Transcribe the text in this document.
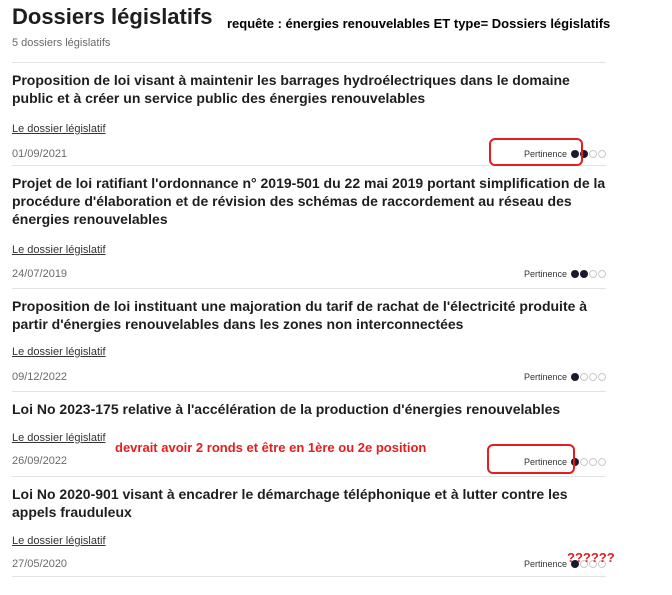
Dossiers législatifs requête : énergies renouvelables ET type= Dossiers législatifs
5 dossiers législatifs

Proposition de loi visant à maintenir les barrages hydroélectriques dans le domaine public et à créer un service public des énergies renouvelables

Le dossier législatif
01/09/2021	Pertinence

Projet de loi ratifiant l'ordonnance n° 2019-501 du 22 mai 2019 portant simplification de la procédure d'élaboration et de révision des schémas de raccordement au réseau des énergies renouvelables

Le dossier législatif
24/07/2019	Pertinence

Proposition de loi instituant une majoration du tarif de rachat de l'électricité produite à partir d'énergies renouvelables dans les zones non interconnectées

Le dossier législatif
09/12/2022	Pertinence

Loi No 2023-175 relative à l'accélération de la production d'énergies renouvelables

Le dossier législatif
26/09/2022	Pertinence

Loi No 2020-901 visant à encadrer le démarchage téléphonique et à lutter contre les appels frauduleux

Le dossier législatif
27/05/2020	Pertinence
devrait avoir 2 ronds et être en 1ère ou 2e position
??????
